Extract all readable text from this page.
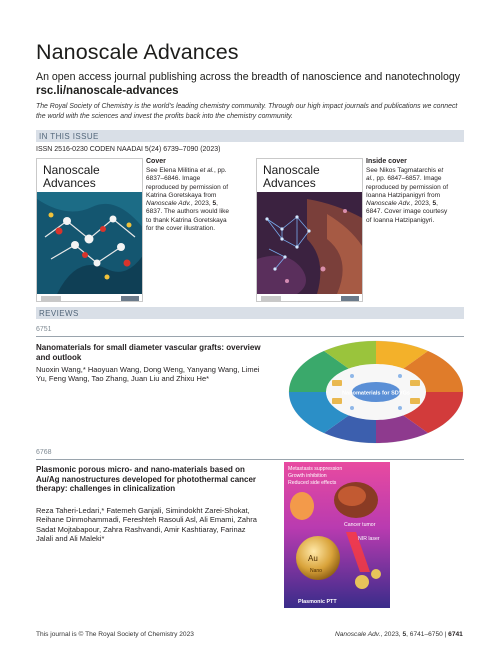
Nanoscale Advances
An open access journal publishing across the breadth of nanoscience and nanotechnology
rsc.li/nanoscale-advances
The Royal Society of Chemistry is the world's leading chemistry community. Through our high impact journals and publications we connect the world with the sciences and invest the profits back into the chemistry community.
IN THIS ISSUE
ISSN 2516-0230 CODEN NAADAI 5(24) 6739–7090 (2023)
Nanoscale
Advances
Cover
See Elena Militina et al., pp. 6837–6846. Image reproduced by permission of Katrina Goretskaya from Nanoscale Adv., 2023, 5, 6837. The authors would like to thank Katrina Goretskaya for the cover illustration.
Nanoscale
Advances
Inside cover
See Nikos Tagmatarchis et al., pp. 6847–6857. Image reproduced by permission of Ioanna Hatzipanigyri from Nanoscale Adv., 2023, 5, 6847. Cover image courtesy of Ioanna Hatzipanigyri.
REVIEWS
6751
Nanomaterials for small diameter vascular grafts: overview and outlook
Nuoxin Wang,* Haoyuan Wang, Dong Weng, Yanyang Wang, Limei Yu, Feng Wang, Tao Zhang, Juan Liu and Zhixu He*
Nanomaterials for SDVGs
6768
Plasmonic porous micro- and nano-materials based on Au/Ag nanostructures developed for photothermal cancer therapy: challenges in clinicalization
Reza Taheri-Ledari,* Fatemeh Ganjali, Simindokht Zarei-Shokat, Reihane Dinmohammadi, Fereshteh Rasouli Asl, Ali Emami, Zahra Sadat Mojtabapour, Zahra Rashvandi, Amir Kashtiaray, Farinaz Jalali and Ali Maleki*
Metastasis suppression
Growth inhibition
Reduced side effects
Cancer tumor
NIR laser
Au
Nano
Plasmonic PTT
This journal is © The Royal Society of Chemistry 2023	Nanoscale Adv., 2023, 5, 6741–6750 | 6741
